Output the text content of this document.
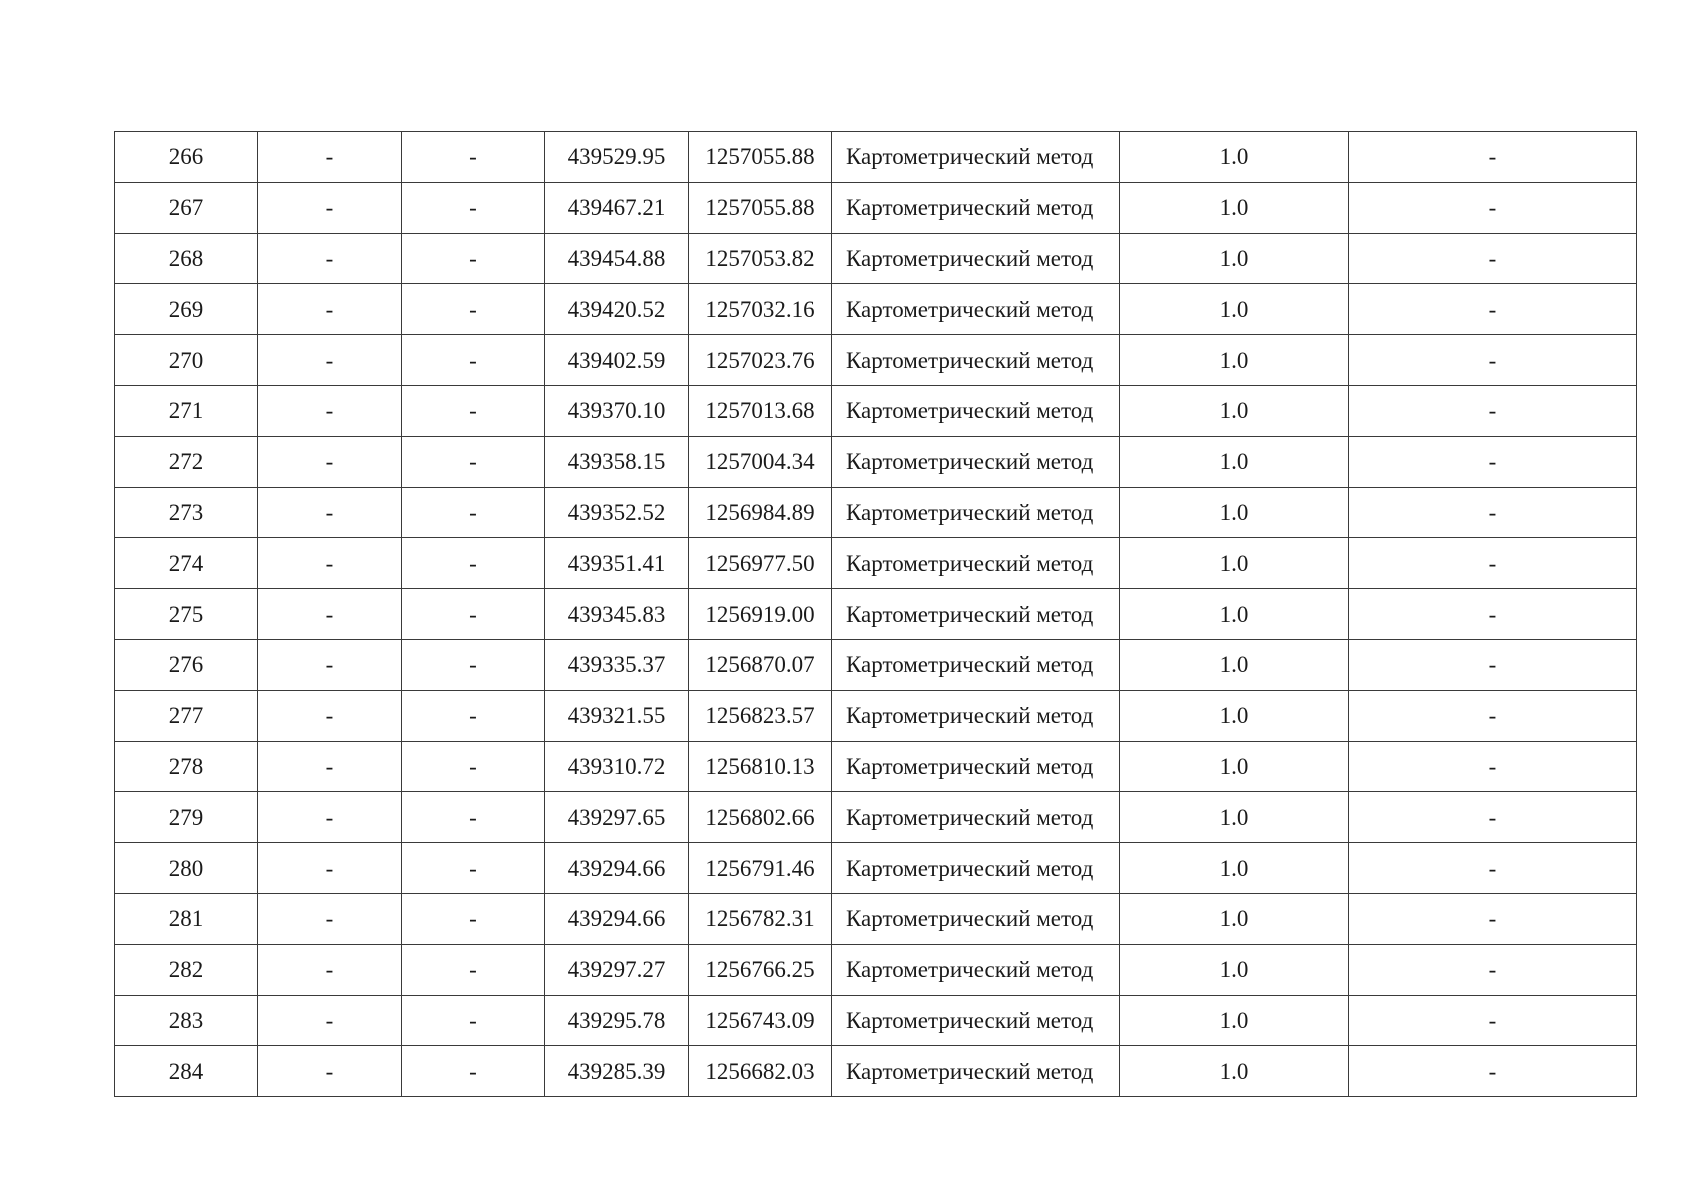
266	-	-	439529.95	1257055.88	Картометрический метод	1.0	-
267	-	-	439467.21	1257055.88	Картометрический метод	1.0	-
268	-	-	439454.88	1257053.82	Картометрический метод	1.0	-
269	-	-	439420.52	1257032.16	Картометрический метод	1.0	-
270	-	-	439402.59	1257023.76	Картометрический метод	1.0	-
271	-	-	439370.10	1257013.68	Картометрический метод	1.0	-
272	-	-	439358.15	1257004.34	Картометрический метод	1.0	-
273	-	-	439352.52	1256984.89	Картометрический метод	1.0	-
274	-	-	439351.41	1256977.50	Картометрический метод	1.0	-
275	-	-	439345.83	1256919.00	Картометрический метод	1.0	-
276	-	-	439335.37	1256870.07	Картометрический метод	1.0	-
277	-	-	439321.55	1256823.57	Картометрический метод	1.0	-
278	-	-	439310.72	1256810.13	Картометрический метод	1.0	-
279	-	-	439297.65	1256802.66	Картометрический метод	1.0	-
280	-	-	439294.66	1256791.46	Картометрический метод	1.0	-
281	-	-	439294.66	1256782.31	Картометрический метод	1.0	-
282	-	-	439297.27	1256766.25	Картометрический метод	1.0	-
283	-	-	439295.78	1256743.09	Картометрический метод	1.0	-
284	-	-	439285.39	1256682.03	Картометрический метод	1.0	-
